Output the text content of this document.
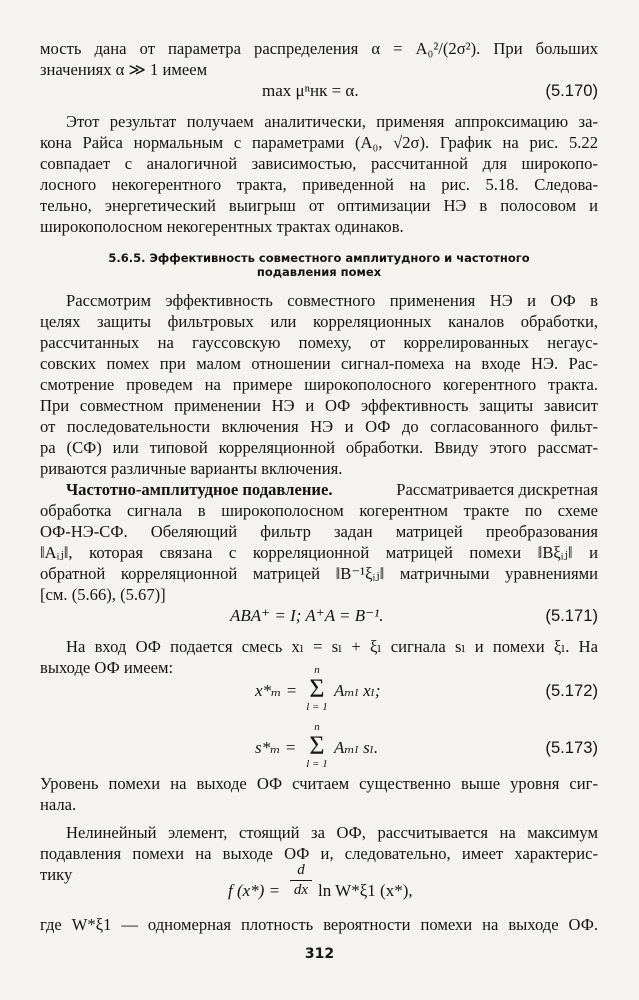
мость дана от параметра распределения α = A₀²/(2σ²). При больших
значениях α ≫ 1 имеем
max μⁿнк = α.	(5.170)
Этот результат получаем аналитически, применяя аппроксимацию за-
кона Райса нормальным с параметрами (A₀, √2σ). График на рис. 5.22
совпадает с аналогичной зависимостью, рассчитанной для широкопо-
лосного некогерентного тракта, приведенной на рис. 5.18. Следова-
тельно, энергетический выигрыш от оптимизации НЭ в полосовом и
широкополосном некогерентных трактах одинаков.
5.6.5. Эффективность совместного амплитудного и частотного
подавления помех
Рассмотрим эффективность совместного применения НЭ и ОФ в
целях защиты фильтровых или корреляционных каналов обработки,
рассчитанных на гауссовскую помеху, от коррелированных негаус-
совских помех при малом отношении сигнал-помеха на входе НЭ. Рас-
смотрение проведем на примере широкополосного когерентного тракта.
При совместном применении НЭ и ОФ эффективность защиты зависит
от последовательности включения НЭ и ОФ до согласованного фильт-
ра (СФ) или типовой корреляционной обработки. Ввиду этого рассмат-
риваются различные варианты включения.
Частотно-амплитудное подавление.	Рассматривается дискретная
обработка сигнала в широкополосном когерентном тракте по схеме
ОФ-НЭ-СФ. Обеляющий фильтр задан матрицей преобразования
‖Aᵢⱼ‖, которая связана с корреляционной матрицей помехи ‖Bξᵢⱼ‖ и
обратной корреляционной матрицей ‖B⁻¹ξᵢⱼ‖ матричными уравнениями
[см. (5.66), (5.67)]
ABA⁺ = I; A⁺A = B⁻¹.	(5.171)
На вход ОФ подается смесь xₗ = sₗ + ξₗ сигнала sₗ и помехи ξₗ. На
выходе ОФ имеем:
x*ₘ =
n
Σ
l = 1
Aₘₗ xₗ;	(5.172)
s*ₘ =
n
Σ
l = 1
Aₘₗ sₗ.	(5.173)
Уровень помехи на выходе ОФ считаем существенно выше уровня сиг-
нала.
Нелинейный элемент, стоящий за ОФ, рассчитывается на максимум
подавления помехи на выходе ОФ и, следовательно, имеет характерис-
тику
f (x*) =
d
dx ln W*ξ1 (x*),
где W*ξ1 — одномерная плотность вероятности помехи на выходе ОФ.
312
